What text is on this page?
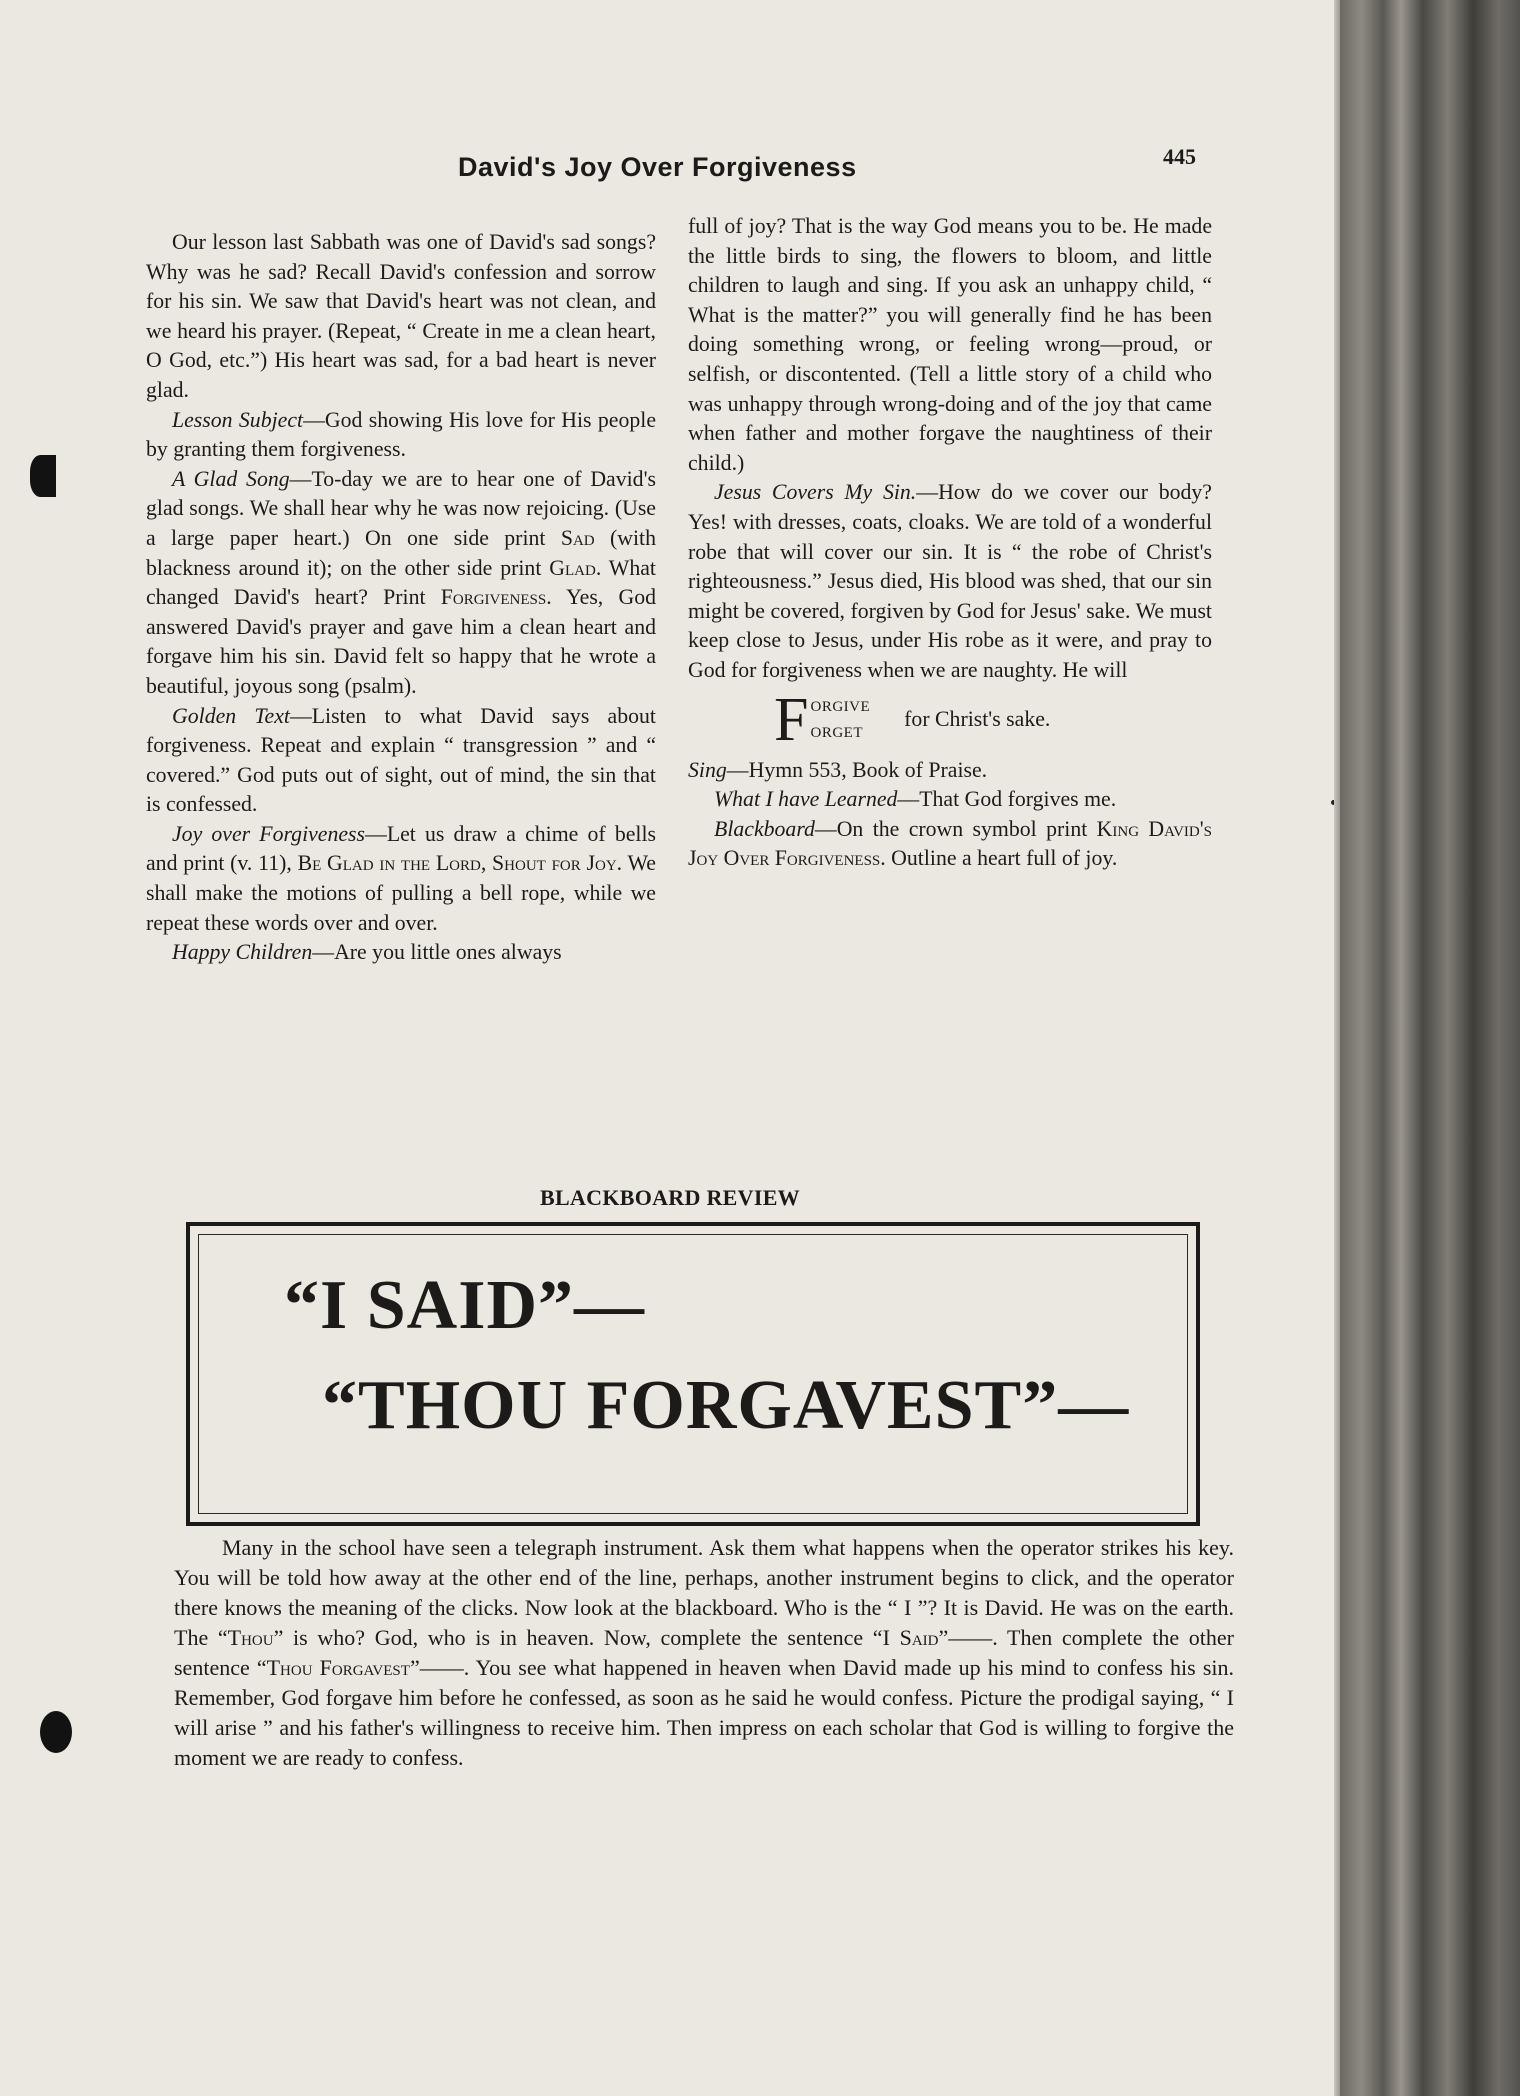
David's Joy Over Forgiveness	445

Our lesson last Sabbath was one of David's sad songs? Why was he sad? Recall David's confession and sorrow for his sin. We saw that David's heart was not clean, and we heard his prayer. (Repeat, “ Create in me a clean heart, O God, etc.”) His heart was sad, for a bad heart is never glad.

Lesson Subject—God showing His love for His people by granting them forgiveness.

A Glad Song—To-day we are to hear one of David's glad songs. We shall hear why he was now rejoicing. (Use a large paper heart.) On one side print Sad (with blackness around it); on the other side print Glad. What changed David's heart? Print Forgiveness. Yes, God answered David's prayer and gave him a clean heart and forgave him his sin. David felt so happy that he wrote a beautiful, joyous song (psalm).

Golden Text—Listen to what David says about forgiveness. Repeat and explain “ transgression ” and “ covered.” God puts out of sight, out of mind, the sin that is confessed.

Joy over Forgiveness—Let us draw a chime of bells and print (v. 11), Be Glad in the Lord, Shout for Joy. We shall make the motions of pulling a bell rope, while we repeat these words over and over.

Happy Children—Are you little ones always

full of joy? That is the way God means you to be. He made the little birds to sing, the flowers to bloom, and little children to laugh and sing. If you ask an unhappy child, “ What is the matter?” you will generally find he has been doing something wrong, or feeling wrong—proud, or selfish, or discontented. (Tell a little story of a child who was unhappy through wrong-doing and of the joy that came when father and mother forgave the naughtiness of their child.)

Jesus Covers My Sin.—How do we cover our body? Yes! with dresses, coats, cloaks. We are told of a wonderful robe that will cover our sin. It is “ the robe of Christ's righteousness.” Jesus died, His blood was shed, that our sin might be covered, forgiven by God for Jesus' sake. We must keep close to Jesus, under His robe as it were, and pray to God for forgiveness when we are naughty. He will

F orgive
orget	for Christ's sake.

Sing—Hymn 553, Book of Praise.

What I have Learned—That God forgives me.

Blackboard—On the crown symbol print King David's Joy Over Forgiveness. Outline a heart full of joy.

BLACKBOARD REVIEW
“I SAID”—
“THOU FORGAVEST”—

Many in the school have seen a telegraph instrument. Ask them what happens when the operator strikes his key. You will be told how away at the other end of the line, perhaps, another instrument begins to click, and the operator there knows the meaning of the clicks. Now look at the blackboard. Who is the “ I ”? It is David. He was on the earth. The “Thou” is who? God, who is in heaven. Now, complete the sentence “I Said”——. Then complete the other sentence “Thou Forgavest”——. You see what happened in heaven when David made up his mind to confess his sin. Remember, God forgave him before he confessed, as soon as he said he would confess. Picture the prodigal saying, “ I will arise ” and his father's willingness to receive him. Then impress on each scholar that God is willing to forgive the moment we are ready to confess.
